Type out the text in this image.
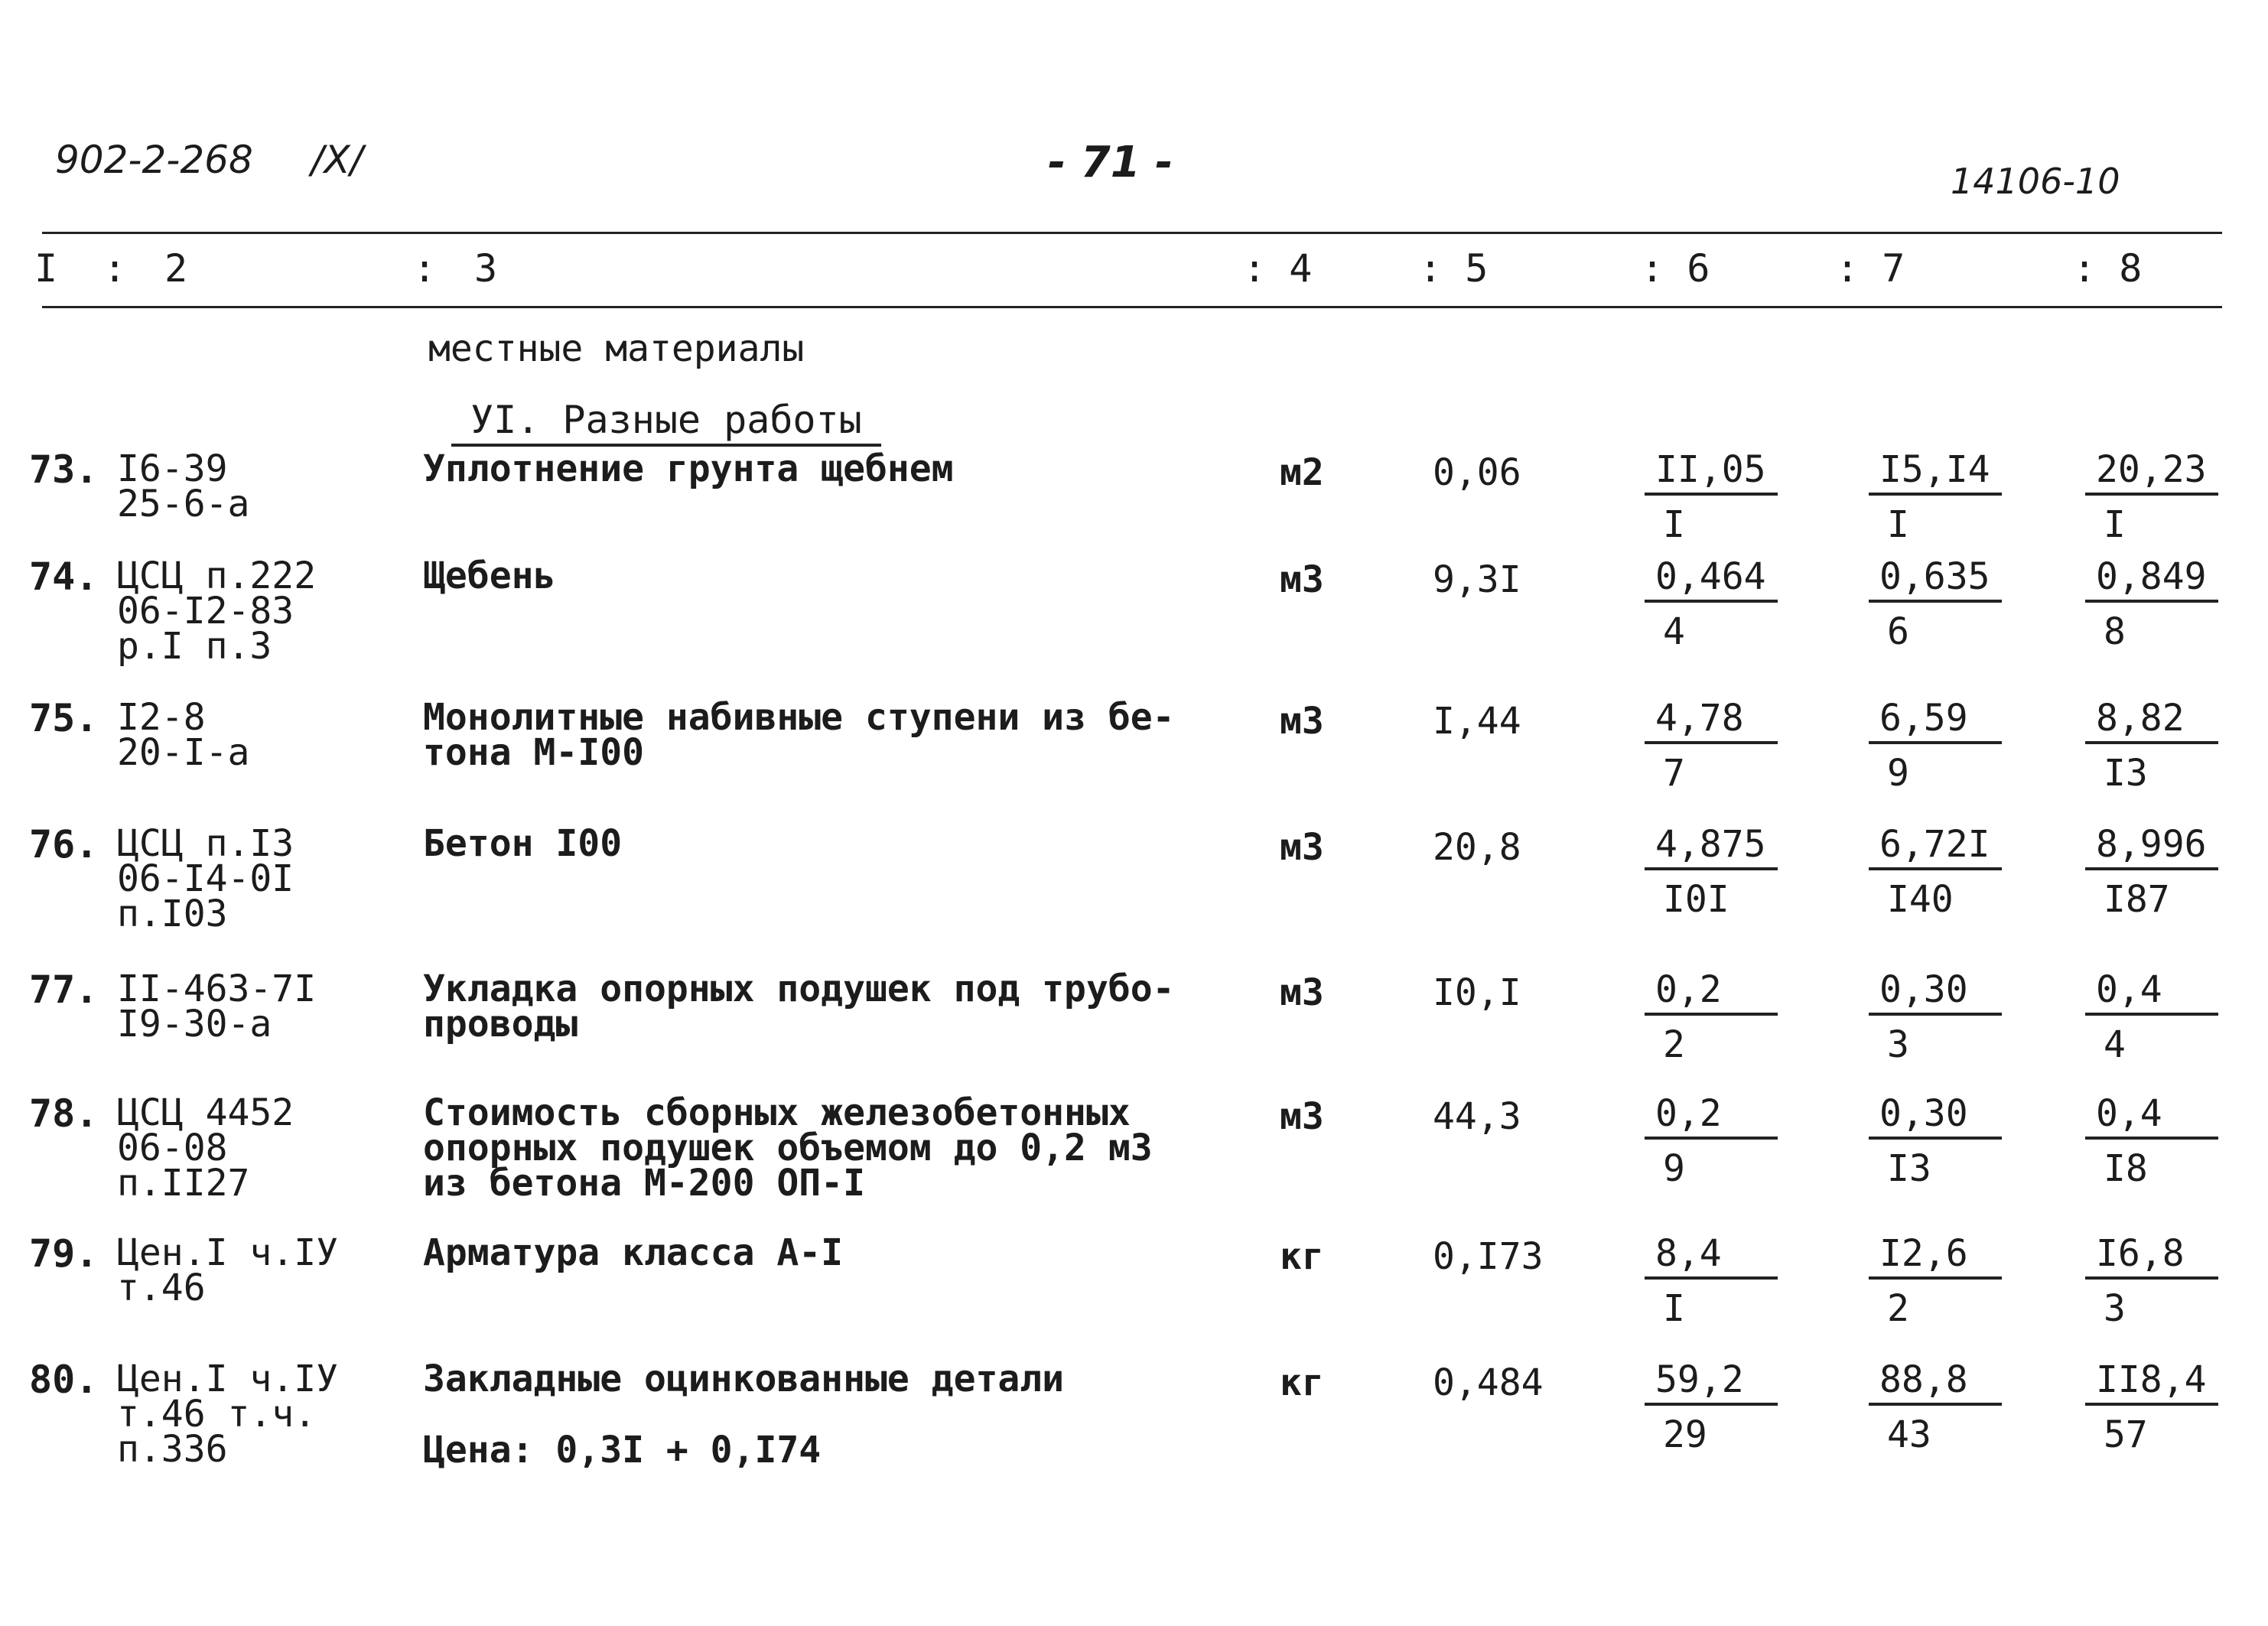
902-2-268 /X/	- 71 -	14106-10
I : 2	: 3	: 4	: 5	: 6	: 7	: 8
местные материалы
УI. Разные работы
73. I6-39
25-6-а
Уплотнение грунта щебнем	м2	0,06	$\frac{II,05}{I} \frac{I5,I4}{I} \frac{20,23}{I}$
74. ЦСЦ п.222
06-I2-83
р.I п.3
Щебень	м3	9,3I	$\frac{0,464}{4} \frac{0,635}{6} \frac{0,849}{8}$
75. I2-8
20-I-а
Монолитные набивные ступени из бе-
тона М-I00
м3	I,44	$\frac{4,78}{7} \frac{6,59}{9} \frac{8,82}{I3}$
76. ЦСЦ п.I3
06-I4-0I
п.I03
Бетон I00	м3	20,8	$\frac{4,875}{I0I} \frac{6,72I}{I40} \frac{8,996}{I87}$
77. II-463-7I
I9-30-а
Укладка опорных подушек под трубо-
проводы
м3	I0,I	$\frac{0,2}{2} \frac{0,30}{3} \frac{0,4}{4}$
78. ЦСЦ 4452
06-08
п.II27
Стоимость сборных железобетонных
опорных подушек объемом до 0,2 м3
из бетона М-200 ОП-I
м3	44,3	$\frac{0,2}{9} \frac{0,30}{I3} \frac{0,4}{I8}$
79. Цен.I ч.IУ
т.46
Арматура класса А-I	кг	0,I73	$\frac{8,4}{I} \frac{I2,6}{2} \frac{I6,8}{3}$
80. Цен.I ч.IУ
т.46 т.ч.
п.336
Закладные оцинкованные детали	кг	0,484	$\frac{59,2}{29} \frac{88,8}{43} \frac{II8,4}{57}$
Цена: 0,3I + 0,I74
